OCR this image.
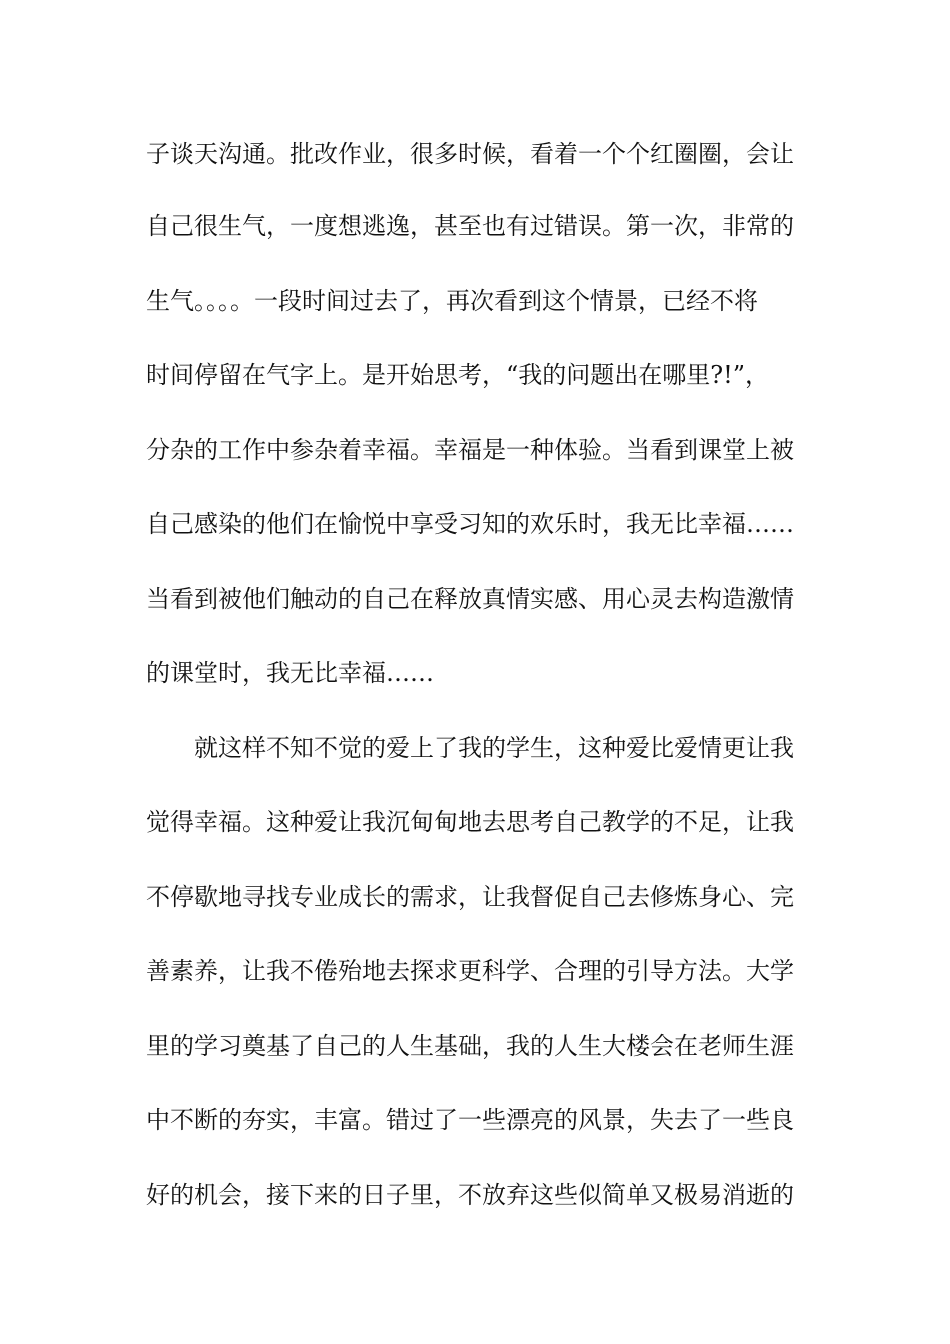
子谈天沟通。批改作业，很多时候，看着一个个红圈圈，会让
自己很生气，一度想逃逸，甚至也有过错误。第一次，非常的
生气。。。。一段时间过去了，再次看到这个情景，已经不将
时间停留在气字上。是开始思考，“我的问题出在哪里?!”，
分杂的工作中参杂着幸福。幸福是一种体验。当看到课堂上被
自己感染的他们在愉悦中享受习知的欢乐时，我无比幸福……
当看到被他们触动的自己在释放真情实感、用心灵去构造激情
的课堂时，我无比幸福……
就这样不知不觉的爱上了我的学生，这种爱比爱情更让我
觉得幸福。这种爱让我沉甸甸地去思考自己教学的不足，让我
不停歇地寻找专业成长的需求，让我督促自己去修炼身心、完
善素养，让我不倦殆地去探求更科学、合理的引导方法。大学
里的学习奠基了自己的人生基础，我的人生大楼会在老师生涯
中不断的夯实，丰富。错过了一些漂亮的风景，失去了一些良
好的机会，接下来的日子里，不放弃这些似简单又极易消逝的
